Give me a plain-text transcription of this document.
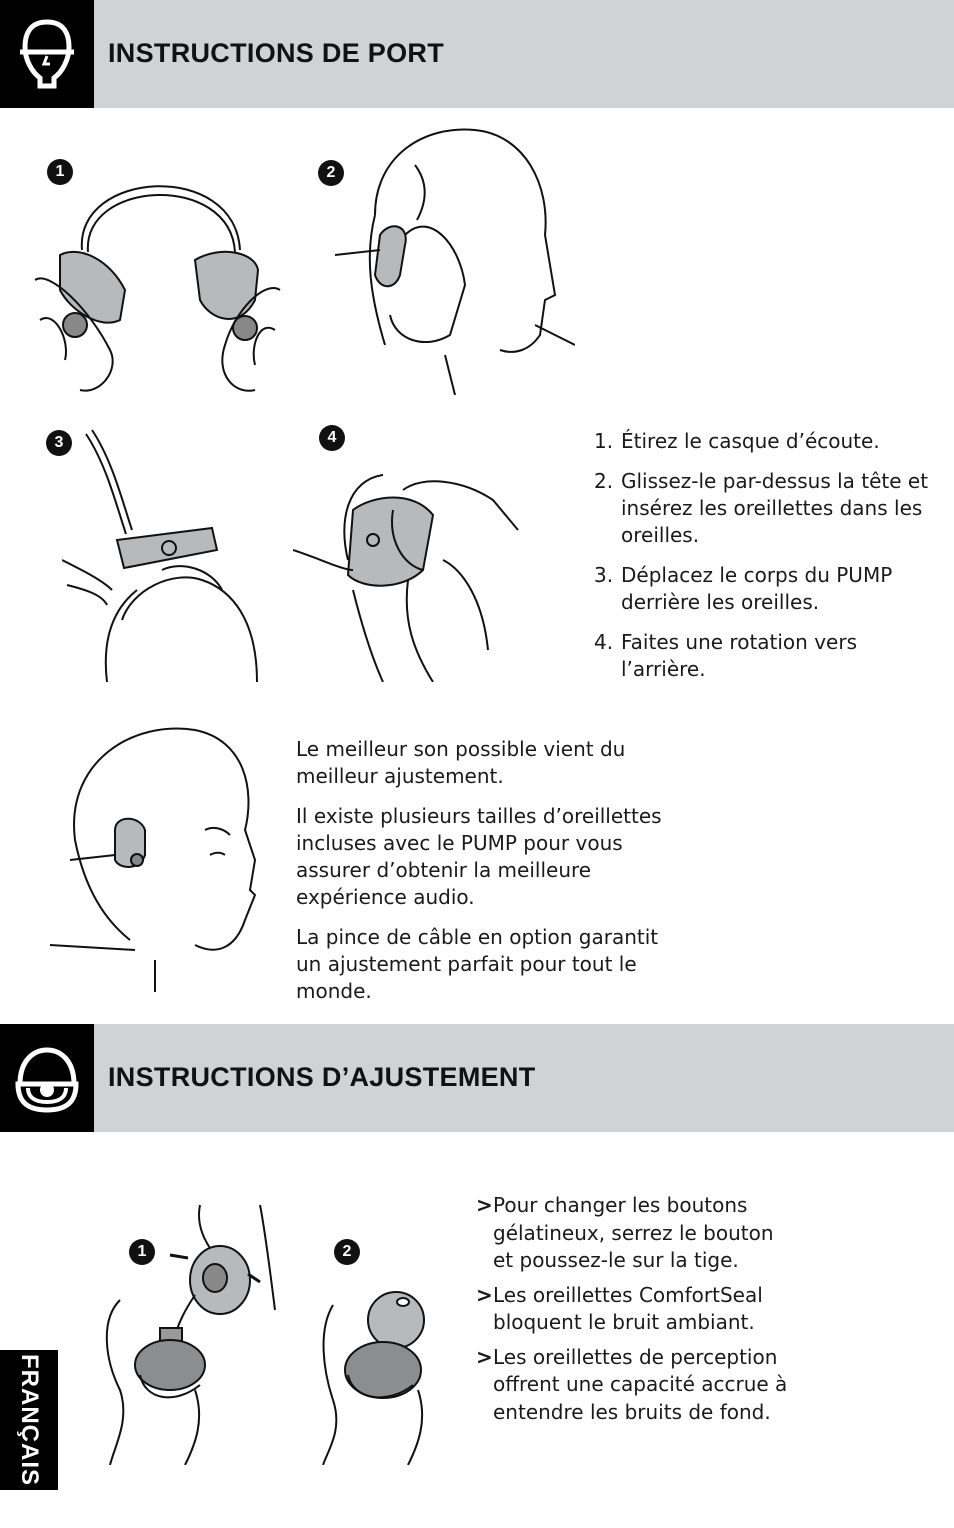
INSTRUCTIONS DE PORT
1	2
3	4	1. Étirez le casque d’écoute.
2. Glissez-le par-dessus la tête et insérez les oreillettes dans les oreilles.
3. Déplacez le corps du PUMP derrière les oreilles.
4. Faites une rotation vers l’arrière.

Le meilleur son possible vient du meilleur ajustement.

Il existe plusieurs tailles d’oreillettes incluses avec le PUMP pour vous assurer d’obtenir la meilleure expérience audio.

La pince de câble en option garantit un ajustement parfait pour tout le monde.

INSTRUCTIONS D’AJUSTEMENT
1	2
> Pour changer les boutons gélatineux, serrez le bouton et poussez-le sur la tige.
> Les oreillettes ComfortSeal bloquent le bruit ambiant.
> Les oreillettes de perception offrent une capacité accrue à entendre les bruits de fond.
FRANÇAIS
